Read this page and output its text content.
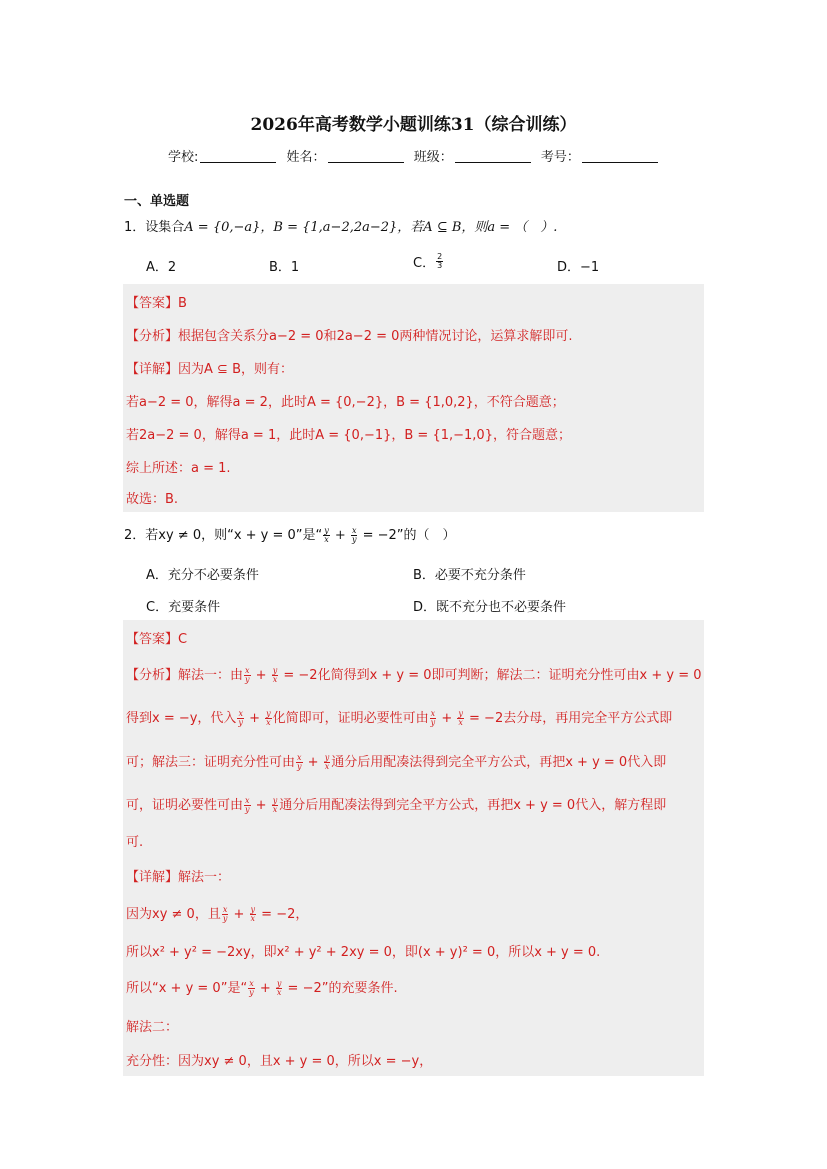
2026年高考数学小题训练31（综合训练）
学校:	姓名：	班级：	考号：
一、单选题
1．设集合A = {0,−a}，B = {1,a−2,2a−2}，若A ⊆ B，则a = （　）.
A．2	B．1	C． $\frac{2}{3}$	D．−1
【答案】B
【分析】根据包含关系分a−2 = 0和2a−2 = 0两种情况讨论，运算求解即可.
【详解】因为A ⊆ B，则有：
若a−2 = 0，解得a = 2，此时A = {0,−2}，B = {1,0,2}，不符合题意；
若2a−2 = 0，解得a = 1，此时A = {0,−1}，B = {1,−1,0}，符合题意；
综上所述：a = 1.
故选：B.
2．若xy ≠ 0，则“x + y = 0”是“ $\frac{y}{x} + \frac{x}{y} = -2$”的（　）
A．充分不必要条件	B．必要不充分条件
C．充要条件	D．既不充分也不必要条件
【答案】C
【分析】解法一：由 $\frac{x}{y} + \frac{y}{x} = -2$化简得到x + y = 0即可判断；解法二：证明充分性可由x + y = 0
得到x = −y，代入 $\frac{x}{y} + \frac{y}{x}$ 化简即可，证明必要性可由 $\frac{x}{y} + \frac{y}{x} = -2$去分母，再用完全平方公式即
可；解法三：证明充分性可由 $\frac{x}{y} + \frac{y}{x}$ 通分后用配凑法得到完全平方公式，再把x + y = 0代入即
可，证明必要性可由 $\frac{x}{y} + \frac{y}{x}$ 通分后用配凑法得到完全平方公式，再把x + y = 0代入，解方程即
可.
【详解】解法一：
因为xy ≠ 0，且 $\frac{x}{y} + \frac{y}{x} = -2$，
所以x² + y² = −2xy，即x² + y² + 2xy = 0，即(x + y)² = 0，所以x + y = 0.
所以“x + y = 0”是“ $\frac{x}{y} + \frac{y}{x} = -2$”的充要条件.
解法二：
充分性：因为xy ≠ 0，且x + y = 0，所以x = −y，
